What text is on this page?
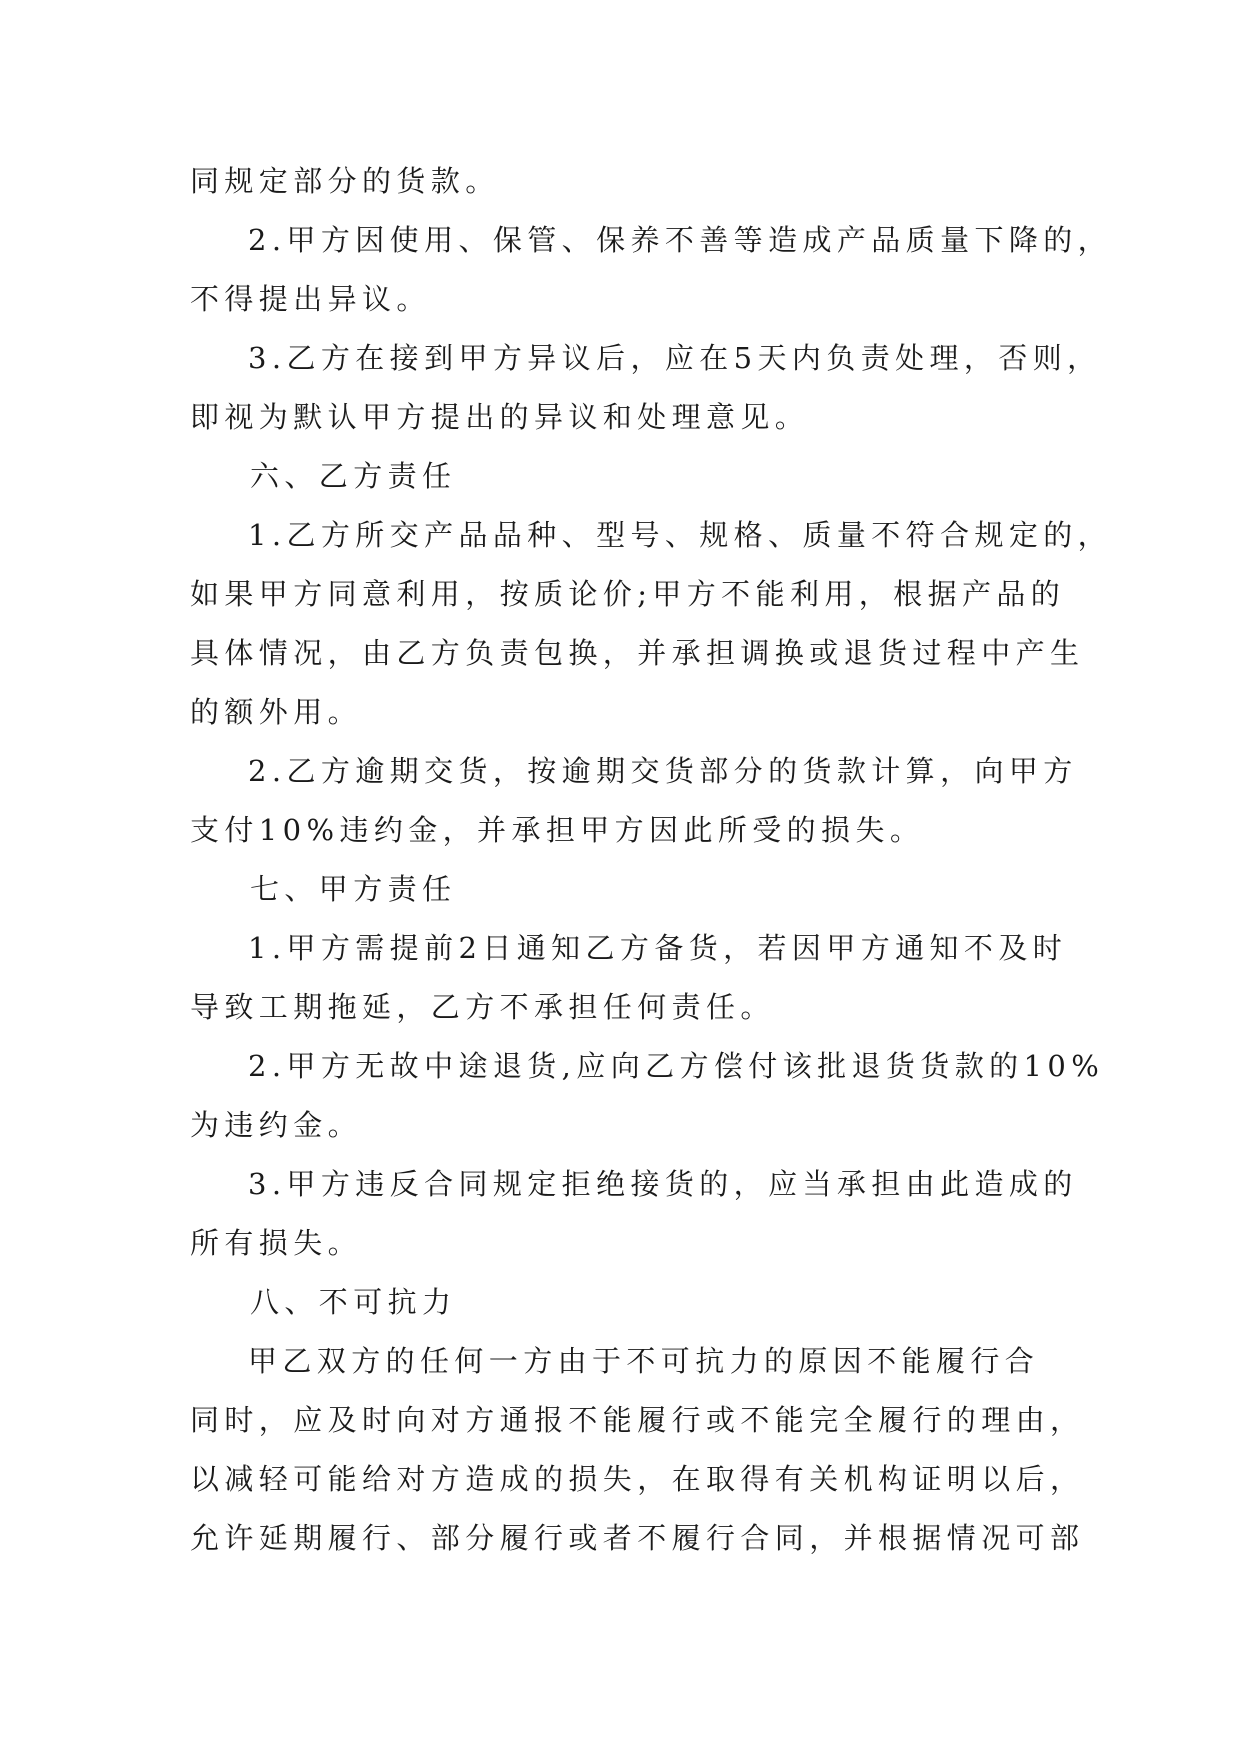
同规定部分的货款。
2.甲方因使用、保管、保养不善等造成产品质量下降的，
不得提出异议。
3.乙方在接到甲方异议后，应在5天内负责处理，否则，
即视为默认甲方提出的异议和处理意见。
六、乙方责任
1.乙方所交产品品种、型号、规格、质量不符合规定的，
如果甲方同意利用，按质论价;甲方不能利用，根据产品的
具体情况，由乙方负责包换，并承担调换或退货过程中产生
的额外用。
2.乙方逾期交货，按逾期交货部分的货款计算，向甲方
支付10%违约金，并承担甲方因此所受的损失。
七、甲方责任
1.甲方需提前2日通知乙方备货，若因甲方通知不及时
导致工期拖延，乙方不承担任何责任。
2.甲方无故中途退货,应向乙方偿付该批退货货款的10%
为违约金。
3.甲方违反合同规定拒绝接货的，应当承担由此造成的
所有损失。
八、不可抗力
甲乙双方的任何一方由于不可抗力的原因不能履行合
同时，应及时向对方通报不能履行或不能完全履行的理由，
以减轻可能给对方造成的损失，在取得有关机构证明以后，
允许延期履行、部分履行或者不履行合同，并根据情况可部
